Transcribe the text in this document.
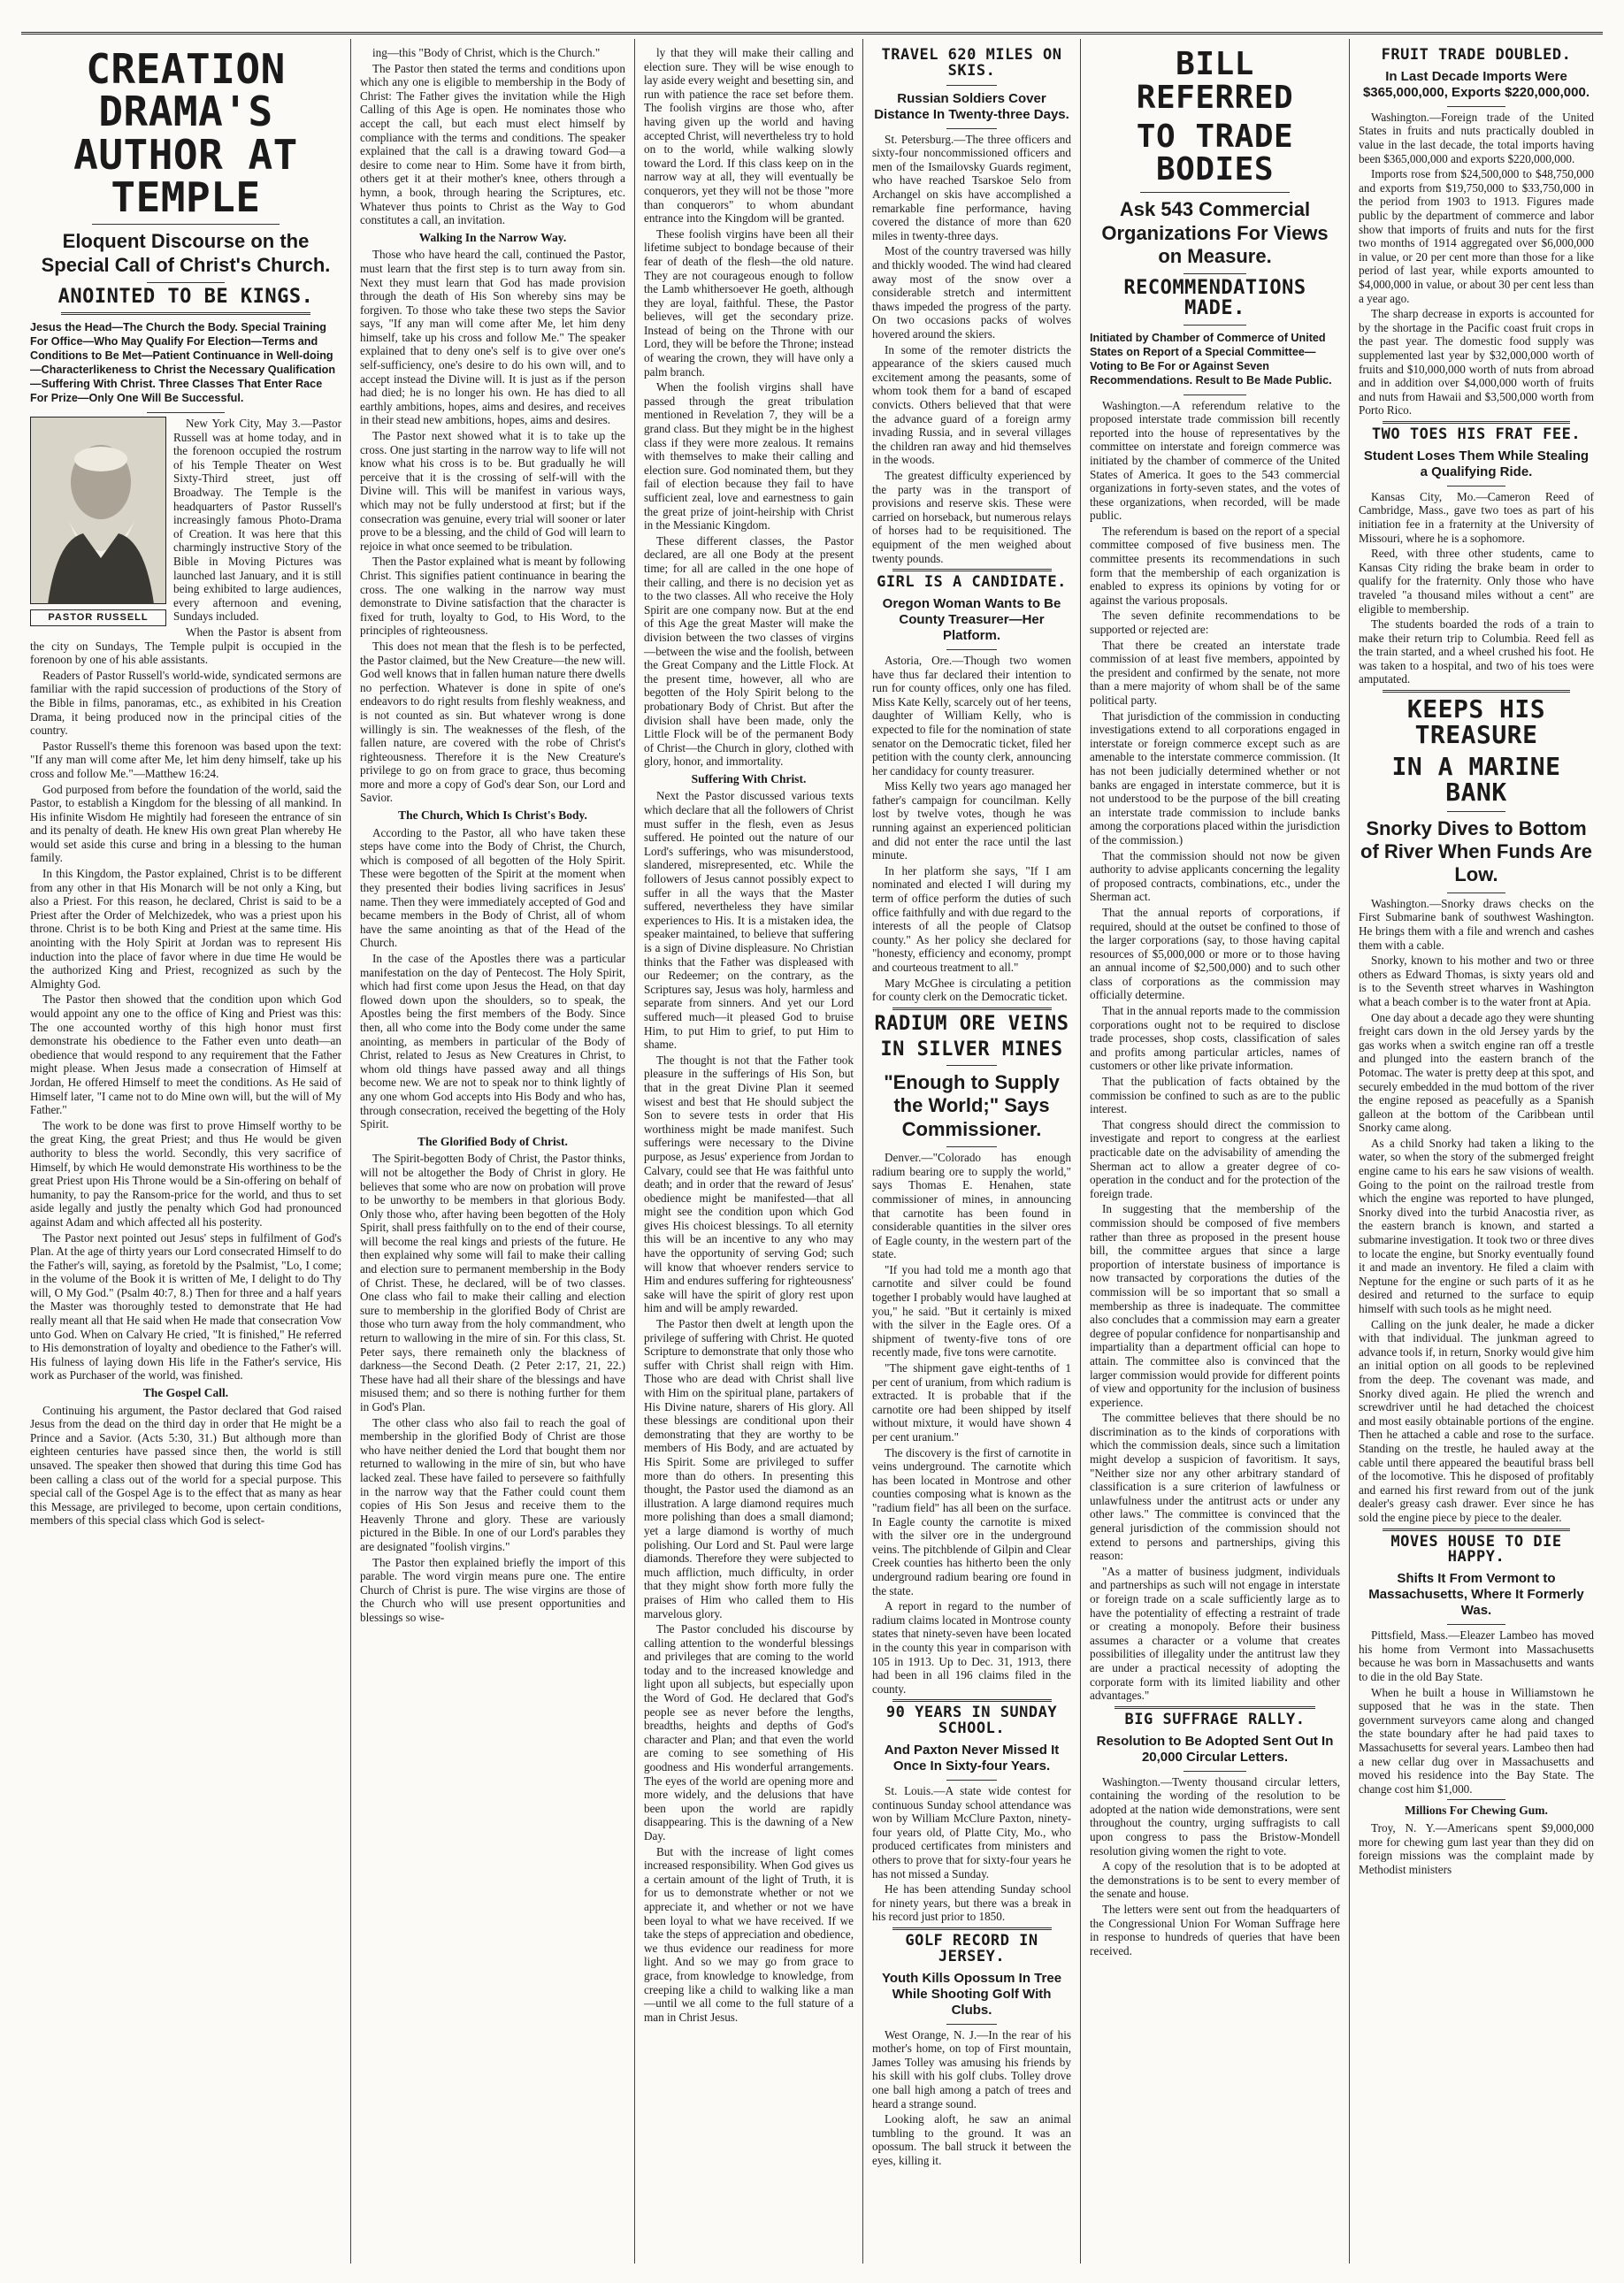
CREATION DRAMA'S AUTHOR AT TEMPLE
Eloquent Discourse on the Special Call of Christ's Church.
ANOINTED TO BE KINGS.
Jesus the Head—The Church the Body. Special Training For Office—Who May Qualify For Election—Terms and Conditions to Be Met—Patient Continuance in Well-doing—Characterlikeness to Christ the Necessary Qualification—Suffering With Christ. Three Classes That Enter Race For Prize—Only One Will Be Successful.
PASTOR RUSSELL

New York City, May 3.—Pastor Russell was at home today, and in the forenoon occupied the rostrum of his Temple Theater on West Sixty-Third street, just off Broadway. The Temple is the headquarters of Pastor Russell's increasingly famous Photo-Drama of Creation. It was here that this charmingly instructive Story of the Bible in Moving Pictures was launched last January, and it is still being exhibited to large audiences, every afternoon and evening, Sundays included.

When the Pastor is absent from the city on Sundays, The Temple pulpit is occupied in the forenoon by one of his able assistants.

Readers of Pastor Russell's world-wide, syndicated sermons are familiar with the rapid succession of productions of the Story of the Bible in films, panoramas, etc., as exhibited in his Creation Drama, it being produced now in the principal cities of the country.

Pastor Russell's theme this forenoon was based upon the text: "If any man will come after Me, let him deny himself, take up his cross and follow Me."—Matthew 16:24.

God purposed from before the foundation of the world, said the Pastor, to establish a Kingdom for the blessing of all mankind. In His infinite Wisdom He mightily had foreseen the entrance of sin and its penalty of death. He knew His own great Plan whereby He would set aside this curse and bring in a blessing to the human family.

In this Kingdom, the Pastor explained, Christ is to be different from any other in that His Monarch will be not only a King, but also a Priest. For this reason, he declared, Christ is said to be a Priest after the Order of Melchizedek, who was a priest upon his throne. Christ is to be both King and Priest at the same time. His anointing with the Holy Spirit at Jordan was to represent His induction into the place of favor where in due time He would be the authorized King and Priest, recognized as such by the Almighty God.

The Pastor then showed that the condition upon which God would appoint any one to the office of King and Priest was this: The one accounted worthy of this high honor must first demonstrate his obedience to the Father even unto death—an obedience that would respond to any requirement that the Father might please. When Jesus made a consecration of Himself at Jordan, He offered Himself to meet the conditions. As He said of Himself later, "I came not to do Mine own will, but the will of My Father."

The work to be done was first to prove Himself worthy to be the great King, the great Priest; and thus He would be given authority to bless the world. Secondly, this very sacrifice of Himself, by which He would demonstrate His worthiness to be the great Priest upon His Throne would be a Sin-offering on behalf of humanity, to pay the Ransom-price for the world, and thus to set aside legally and justly the penalty which God had pronounced against Adam and which affected all his posterity.

The Pastor next pointed out Jesus' steps in fulfilment of God's Plan. At the age of thirty years our Lord consecrated Himself to do the Father's will, saying, as foretold by the Psalmist, "Lo, I come; in the volume of the Book it is written of Me, I delight to do Thy will, O My God." (Psalm 40:7, 8.) Then for three and a half years the Master was thoroughly tested to demonstrate that He had really meant all that He said when He made that consecration Vow unto God. When on Calvary He cried, "It is finished," He referred to His demonstration of loyalty and obedience to the Father's will. His fulness of laying down His life in the Father's service, His work as Purchaser of the world, was finished.

The Gospel Call.

Continuing his argument, the Pastor declared that God raised Jesus from the dead on the third day in order that He might be a Prince and a Savior. (Acts 5:30, 31.) But although more than eighteen centuries have passed since then, the world is still unsaved. The speaker then showed that during this time God has been calling a class out of the world for a special purpose. This special call of the Gospel Age is to the effect that as many as hear this Message, are privileged to become, upon certain conditions, members of this special class which God is select-

ing—this "Body of Christ, which is the Church."

The Pastor then stated the terms and conditions upon which any one is eligible to membership in the Body of Christ: The Father gives the invitation while the High Calling of this Age is open. He nominates those who accept the call, but each must elect himself by compliance with the terms and conditions. The speaker explained that the call is a drawing toward God—a desire to come near to Him. Some have it from birth, others get it at their mother's knee, others through a hymn, a book, through hearing the Scriptures, etc. Whatever thus points to Christ as the Way to God constitutes a call, an invitation.

Walking In the Narrow Way.

Those who have heard the call, continued the Pastor, must learn that the first step is to turn away from sin. Next they must learn that God has made provision through the death of His Son whereby sins may be forgiven. To those who take these two steps the Savior says, "If any man will come after Me, let him deny himself, take up his cross and follow Me." The speaker explained that to deny one's self is to give over one's self-sufficiency, one's desire to do his own will, and to accept instead the Divine will. It is just as if the person had died; he is no longer his own. He has died to all earthly ambitions, hopes, aims and desires, and receives in their stead new ambitions, hopes, aims and desires.

The Pastor next showed what it is to take up the cross. One just starting in the narrow way to life will not know what his cross is to be. But gradually he will perceive that it is the crossing of self-will with the Divine will. This will be manifest in various ways, which may not be fully understood at first; but if the consecration was genuine, every trial will sooner or later prove to be a blessing, and the child of God will learn to rejoice in what once seemed to be tribulation.

Then the Pastor explained what is meant by following Christ. This signifies patient continuance in bearing the cross. The one walking in the narrow way must demonstrate to Divine satisfaction that the character is fixed for truth, loyalty to God, to His Word, to the principles of righteousness.

This does not mean that the flesh is to be perfected, the Pastor claimed, but the New Creature—the new will. God well knows that in fallen human nature there dwells no perfection. Whatever is done in spite of one's endeavors to do right results from fleshly weakness, and is not counted as sin. But whatever wrong is done willingly is sin. The weaknesses of the flesh, of the fallen nature, are covered with the robe of Christ's righteousness. Therefore it is the New Creature's privilege to go on from grace to grace, thus becoming more and more a copy of God's dear Son, our Lord and Savior.

The Church, Which Is Christ's Body.

According to the Pastor, all who have taken these steps have come into the Body of Christ, the Church, which is composed of all begotten of the Holy Spirit. These were begotten of the Spirit at the moment when they presented their bodies living sacrifices in Jesus' name. Then they were immediately accepted of God and became members in the Body of Christ, all of whom have the same anointing as that of the Head of the Church.

In the case of the Apostles there was a particular manifestation on the day of Pentecost. The Holy Spirit, which had first come upon Jesus the Head, on that day flowed down upon the shoulders, so to speak, the Apostles being the first members of the Body. Since then, all who come into the Body come under the same anointing, as members in particular of the Body of Christ, related to Jesus as New Creatures in Christ, to whom old things have passed away and all things become new. We are not to speak nor to think lightly of any one whom God accepts into His Body and who has, through consecration, received the begetting of the Holy Spirit.

The Glorified Body of Christ.

The Spirit-begotten Body of Christ, the Pastor thinks, will not be altogether the Body of Christ in glory. He believes that some who are now on probation will prove to be unworthy to be members in that glorious Body. Only those who, after having been begotten of the Holy Spirit, shall press faithfully on to the end of their course, will become the real kings and priests of the future. He then explained why some will fail to make their calling and election sure to permanent membership in the Body of Christ. These, he declared, will be of two classes. One class who fail to make their calling and election sure to membership in the glorified Body of Christ are those who turn away from the holy commandment, who return to wallowing in the mire of sin. For this class, St. Peter says, there remaineth only the blackness of darkness—the Second Death. (2 Peter 2:17, 21, 22.) These have had all their share of the blessings and have misused them; and so there is nothing further for them in God's Plan.

The other class who also fail to reach the goal of membership in the glorified Body of Christ are those who have neither denied the Lord that bought them nor returned to wallowing in the mire of sin, but who have lacked zeal. These have failed to persevere so faithfully in the narrow way that the Father could count them copies of His Son Jesus and receive them to the Heavenly Throne and glory. These are variously pictured in the Bible. In one of our Lord's parables they are designated "foolish virgins."

The Pastor then explained briefly the import of this parable. The word virgin means pure one. The entire Church of Christ is pure. The wise virgins are those of the Church who will use present opportunities and blessings so wise-

ly that they will make their calling and election sure. They will be wise enough to lay aside every weight and besetting sin, and run with patience the race set before them. The foolish virgins are those who, after having given up the world and having accepted Christ, will nevertheless try to hold on to the world, while walking slowly toward the Lord. If this class keep on in the narrow way at all, they will eventually be conquerors, yet they will not be those "more than conquerors" to whom abundant entrance into the Kingdom will be granted.

These foolish virgins have been all their lifetime subject to bondage because of their fear of death of the flesh—the old nature. They are not courageous enough to follow the Lamb whithersoever He goeth, although they are loyal, faithful. These, the Pastor believes, will get the secondary prize. Instead of being on the Throne with our Lord, they will be before the Throne; instead of wearing the crown, they will have only a palm branch.

When the foolish virgins shall have passed through the great tribulation mentioned in Revelation 7, they will be a grand class. But they might be in the highest class if they were more zealous. It remains with themselves to make their calling and election sure. God nominated them, but they fail of election because they fail to have sufficient zeal, love and earnestness to gain the great prize of joint-heirship with Christ in the Messianic Kingdom.

These different classes, the Pastor declared, are all one Body at the present time; for all are called in the one hope of their calling, and there is no decision yet as to the two classes. All who receive the Holy Spirit are one company now. But at the end of this Age the great Master will make the division between the two classes of virgins—between the wise and the foolish, between the Great Company and the Little Flock. At the present time, however, all who are begotten of the Holy Spirit belong to the probationary Body of Christ. But after the division shall have been made, only the Little Flock will be of the permanent Body of Christ—the Church in glory, clothed with glory, honor, and immortality.

Suffering With Christ.

Next the Pastor discussed various texts which declare that all the followers of Christ must suffer in the flesh, even as Jesus suffered. He pointed out the nature of our Lord's sufferings, who was misunderstood, slandered, misrepresented, etc. While the followers of Jesus cannot possibly expect to suffer in all the ways that the Master suffered, nevertheless they have similar experiences to His. It is a mistaken idea, the speaker maintained, to believe that suffering is a sign of Divine displeasure. No Christian thinks that the Father was displeased with our Redeemer; on the contrary, as the Scriptures say, Jesus was holy, harmless and separate from sinners. And yet our Lord suffered much—it pleased God to bruise Him, to put Him to grief, to put Him to shame.

The thought is not that the Father took pleasure in the sufferings of His Son, but that in the great Divine Plan it seemed wisest and best that He should subject the Son to severe tests in order that His worthiness might be made manifest. Such sufferings were necessary to the Divine purpose, as Jesus' experience from Jordan to Calvary, could see that He was faithful unto death; and in order that the reward of Jesus' obedience might be manifested—that all might see the condition upon which God gives His choicest blessings. To all eternity this will be an incentive to any who may have the opportunity of serving God; such will know that whoever renders service to Him and endures suffering for righteousness' sake will have the spirit of glory rest upon him and will be amply rewarded.

The Pastor then dwelt at length upon the privilege of suffering with Christ. He quoted Scripture to demonstrate that only those who suffer with Christ shall reign with Him. Those who are dead with Christ shall live with Him on the spiritual plane, partakers of His Divine nature, sharers of His glory. All these blessings are conditional upon their demonstrating that they are worthy to be members of His Body, and are actuated by His Spirit. Some are privileged to suffer more than do others. In presenting this thought, the Pastor used the diamond as an illustration. A large diamond requires much more polishing than does a small diamond; yet a large diamond is worthy of much polishing. Our Lord and St. Paul were large diamonds. Therefore they were subjected to much affliction, much difficulty, in order that they might show forth more fully the praises of Him who called them to His marvelous glory.

The Pastor concluded his discourse by calling attention to the wonderful blessings and privileges that are coming to the world today and to the increased knowledge and light upon all subjects, but especially upon the Word of God. He declared that God's people see as never before the lengths, breadths, heights and depths of God's character and Plan; and that even the world are coming to see something of His goodness and His wonderful arrangements. The eyes of the world are opening more and more widely, and the delusions that have been upon the world are rapidly disappearing. This is the dawning of a New Day.

But with the increase of light comes increased responsibility. When God gives us a certain amount of the light of Truth, it is for us to demonstrate whether or not we appreciate it, and whether or not we have been loyal to what we have received. If we take the steps of appreciation and obedience, we thus evidence our readiness for more light. And so we may go from grace to grace, from knowledge to knowledge, from creeping like a child to walking like a man—until we all come to the full stature of a man in Christ Jesus.

TRAVEL 620 MILES ON SKIS.
Russian Soldiers Cover Distance In Twenty-three Days.

St. Petersburg.—The three officers and sixty-four noncommissioned officers and men of the Ismailovsky Guards regiment, who have reached Tsarskoe Selo from Archangel on skis have accomplished a remarkable fine performance, having covered the distance of more than 620 miles in twenty-three days.

Most of the country traversed was hilly and thickly wooded. The wind had cleared away most of the snow over a considerable stretch and intermittent thaws impeded the progress of the party. On two occasions packs of wolves hovered around the skiers.

In some of the remoter districts the appearance of the skiers caused much excitement among the peasants, some of whom took them for a band of escaped convicts. Others believed that that were the advance guard of a foreign army invading Russia, and in several villages the children ran away and hid themselves in the woods.

The greatest difficulty experienced by the party was in the transport of provisions and reserve skis. These were carried on horseback, but numerous relays of horses had to be requisitioned. The equipment of the men weighed about twenty pounds.

GIRL IS A CANDIDATE.
Oregon Woman Wants to Be County Treasurer—Her Platform.

Astoria, Ore.—Though two women have thus far declared their intention to run for county offices, only one has filed. Miss Kate Kelly, scarcely out of her teens, daughter of William Kelly, who is expected to file for the nomination of state senator on the Democratic ticket, filed her petition with the county clerk, announcing her candidacy for county treasurer.

Miss Kelly two years ago managed her father's campaign for councilman. Kelly lost by twelve votes, though he was running against an experienced politician and did not enter the race until the last minute.

In her platform she says, "If I am nominated and elected I will during my term of office perform the duties of such office faithfully and with due regard to the interests of all the people of Clatsop county." As her policy she declared for "honesty, efficiency and economy, prompt and courteous treatment to all."

Mary McGhee is circulating a petition for county clerk on the Democratic ticket.

RADIUM ORE VEINS
IN SILVER MINES
"Enough to Supply the World;" Says Commissioner.

Denver.—"Colorado has enough radium bearing ore to supply the world," says Thomas E. Henahen, state commissioner of mines, in announcing that carnotite has been found in considerable quantities in the silver ores of Eagle county, in the western part of the state.

"If you had told me a month ago that carnotite and silver could be found together I probably would have laughed at you," he said. "But it certainly is mixed with the silver in the Eagle ores. Of a shipment of twenty-five tons of ore recently made, five tons were carnotite.

"The shipment gave eight-tenths of 1 per cent of uranium, from which radium is extracted. It is probable that if the carnotite ore had been shipped by itself without mixture, it would have shown 4 per cent uranium."

The discovery is the first of carnotite in veins underground. The carnotite which has been located in Montrose and other counties composing what is known as the "radium field" has all been on the surface. In Eagle county the carnotite is mixed with the silver ore in the underground veins. The pitchblende of Gilpin and Clear Creek counties has hitherto been the only underground radium bearing ore found in the state.

A report in regard to the number of radium claims located in Montrose county states that ninety-seven have been located in the county this year in comparison with 105 in 1913. Up to Dec. 31, 1913, there had been in all 196 claims filed in the county.

90 YEARS IN SUNDAY SCHOOL.
And Paxton Never Missed It Once In Sixty-four Years.

St. Louis.—A state wide contest for continuous Sunday school attendance was won by William McClure Paxton, ninety-four years old, of Platte City, Mo., who produced certificates from ministers and others to prove that for sixty-four years he has not missed a Sunday.

He has been attending Sunday school for ninety years, but there was a break in his record just prior to 1850.

GOLF RECORD IN JERSEY.
Youth Kills Opossum In Tree While Shooting Golf With Clubs.

West Orange, N. J.—In the rear of his mother's home, on top of First mountain, James Tolley was amusing his friends by his skill with his golf clubs. Tolley drove one ball high among a patch of trees and heard a strange sound.

Looking aloft, he saw an animal tumbling to the ground. It was an opossum. The ball struck it between the eyes, killing it.

BILL REFERRED
TO TRADE BODIES
Ask 543 Commercial Organizations For Views on Measure.
RECOMMENDATIONS MADE.
Initiated by Chamber of Commerce of United States on Report of a Special Committee—Voting to Be For or Against Seven Recommendations. Result to Be Made Public.

Washington.—A referendum relative to the proposed interstate trade commission bill recently reported into the house of representatives by the committee on interstate and foreign commerce was initiated by the chamber of commerce of the United States of America. It goes to the 543 commercial organizations in forty-seven states, and the votes of these organizations, when recorded, will be made public.

The referendum is based on the report of a special committee composed of five business men. The committee presents its recommendations in such form that the membership of each organization is enabled to express its opinions by voting for or against the various proposals.

The seven definite recommendations to be supported or rejected are:

That there be created an interstate trade commission of at least five members, appointed by the president and confirmed by the senate, not more than a mere majority of whom shall be of the same political party.

That jurisdiction of the commission in conducting investigations extend to all corporations engaged in interstate or foreign commerce except such as are amenable to the interstate commerce commission. (It has not been judicially determined whether or not banks are engaged in interstate commerce, but it is not understood to be the purpose of the bill creating an interstate trade commission to include banks among the corporations placed within the jurisdiction of the commission.)

That the commission should not now be given authority to advise applicants concerning the legality of proposed contracts, combinations, etc., under the Sherman act.

That the annual reports of corporations, if required, should at the outset be confined to those of the larger corporations (say, to those having capital resources of $5,000,000 or more or to those having an annual income of $2,500,000) and to such other class of corporations as the commission may officially determine.

That in the annual reports made to the commission corporations ought not to be required to disclose trade processes, shop costs, classification of sales and profits among particular articles, names of customers or other like private information.

That the publication of facts obtained by the commission be confined to such as are to the public interest.

That congress should direct the commission to investigate and report to congress at the earliest practicable date on the advisability of amending the Sherman act to allow a greater degree of co-operation in the conduct and for the protection of the foreign trade.

In suggesting that the membership of the commission should be composed of five members rather than three as proposed in the present house bill, the committee argues that since a large proportion of interstate business of importance is now transacted by corporations the duties of the commission will be so important that so small a membership as three is inadequate. The committee also concludes that a commission may earn a greater degree of popular confidence for nonpartisanship and impartiality than a department official can hope to attain. The committee also is convinced that the larger commission would provide for different points of view and opportunity for the inclusion of business experience.

The committee believes that there should be no discrimination as to the kinds of corporations with which the commission deals, since such a limitation might develop a suspicion of favoritism. It says, "Neither size nor any other arbitrary standard of classification is a sure criterion of lawfulness or unlawfulness under the antitrust acts or under any other laws." The committee is convinced that the general jurisdiction of the commission should not extend to persons and partnerships, giving this reason:

"As a matter of business judgment, individuals and partnerships as such will not engage in interstate or foreign trade on a scale sufficiently large as to have the potentiality of effecting a restraint of trade or creating a monopoly. Before their business assumes a character or a volume that creates possibilities of illegality under the antitrust law they are under a practical necessity of adopting the corporate form with its limited liability and other advantages."

BIG SUFFRAGE RALLY.
Resolution to Be Adopted Sent Out In 20,000 Circular Letters.

Washington.—Twenty thousand circular letters, containing the wording of the resolution to be adopted at the nation wide demonstrations, were sent throughout the country, urging suffragists to call upon congress to pass the Bristow-Mondell resolution giving women the right to vote.

A copy of the resolution that is to be adopted at the demonstrations is to be sent to every member of the senate and house.

The letters were sent out from the headquarters of the Congressional Union For Woman Suffrage here in response to hundreds of queries that have been received.

FRUIT TRADE DOUBLED.
In Last Decade Imports Were $365,000,000, Exports $220,000,000.

Washington.—Foreign trade of the United States in fruits and nuts practically doubled in value in the last decade, the total imports having been $365,000,000 and exports $220,000,000.

Imports rose from $24,500,000 to $48,750,000 and exports from $19,750,000 to $33,750,000 in the period from 1903 to 1913. Figures made public by the department of commerce and labor show that imports of fruits and nuts for the first two months of 1914 aggregated over $6,000,000 in value, or 20 per cent more than those for a like period of last year, while exports amounted to $4,000,000 in value, or about 30 per cent less than a year ago.

The sharp decrease in exports is accounted for by the shortage in the Pacific coast fruit crops in the past year. The domestic food supply was supplemented last year by $32,000,000 worth of fruits and $10,000,000 worth of nuts from abroad and in addition over $4,000,000 worth of fruits and nuts from Hawaii and $3,500,000 worth from Porto Rico.

TWO TOES HIS FRAT FEE.
Student Loses Them While Stealing a Qualifying Ride.

Kansas City, Mo.—Cameron Reed of Cambridge, Mass., gave two toes as part of his initiation fee in a fraternity at the University of Missouri, where he is a sophomore.

Reed, with three other students, came to Kansas City riding the brake beam in order to qualify for the fraternity. Only those who have traveled "a thousand miles without a cent" are eligible to membership.

The students boarded the rods of a train to make their return trip to Columbia. Reed fell as the train started, and a wheel crushed his foot. He was taken to a hospital, and two of his toes were amputated.

KEEPS HIS TREASURE
IN A MARINE BANK
Snorky Dives to Bottom of River When Funds Are Low.

Washington.—Snorky draws checks on the First Submarine bank of southwest Washington. He brings them with a file and wrench and cashes them with a cable.

Snorky, known to his mother and two or three others as Edward Thomas, is sixty years old and is to the Seventh street wharves in Washington what a beach comber is to the water front at Apia.

One day about a decade ago they were shunting freight cars down in the old Jersey yards by the gas works when a switch engine ran off a trestle and plunged into the eastern branch of the Potomac. The water is pretty deep at this spot, and securely embedded in the mud bottom of the river the engine reposed as peacefully as a Spanish galleon at the bottom of the Caribbean until Snorky came along.

As a child Snorky had taken a liking to the water, so when the story of the submerged freight engine came to his ears he saw visions of wealth. Going to the point on the railroad trestle from which the engine was reported to have plunged, Snorky dived into the turbid Anacostia river, as the eastern branch is known, and started a submarine investigation. It took two or three dives to locate the engine, but Snorky eventually found it and made an inventory. He filed a claim with Neptune for the engine or such parts of it as he desired and returned to the surface to equip himself with such tools as he might need.

Calling on the junk dealer, he made a dicker with that individual. The junkman agreed to advance tools if, in return, Snorky would give him an initial option on all goods to be replevined from the deep. The covenant was made, and Snorky dived again. He plied the wrench and screwdriver until he had detached the choicest and most easily obtainable portions of the engine. Then he attached a cable and rose to the surface. Standing on the trestle, he hauled away at the cable until there appeared the beautiful brass bell of the locomotive. This he disposed of profitably and earned his first reward from out of the junk dealer's greasy cash drawer. Ever since he has sold the engine piece by piece to the dealer.

MOVES HOUSE TO DIE HAPPY.
Shifts It From Vermont to Massachusetts, Where It Formerly Was.

Pittsfield, Mass.—Eleazer Lambeo has moved his home from Vermont into Massachusetts because he was born in Massachusetts and wants to die in the old Bay State.

When he built a house in Williamstown he supposed that he was in the state. Then government surveyors came along and changed the state boundary after he had paid taxes to Massachusetts for several years. Lambeo then had a new cellar dug over in Massachusetts and moved his residence into the Bay State. The change cost him $1,000.

Millions For Chewing Gum.

Troy, N. Y.—Americans spent $9,000,000 more for chewing gum last year than they did on foreign missions was the complaint made by Methodist ministers
